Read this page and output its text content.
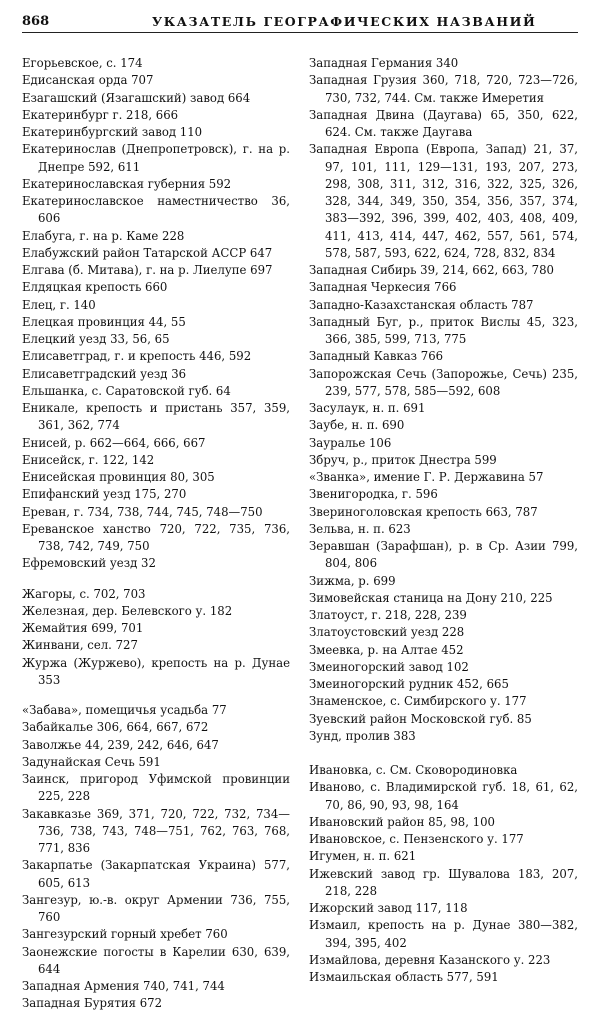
868	УКАЗАТЕЛЬ ГЕОГРАФИЧЕСКИХ НАЗВАНИЙ
Егорьевское, с. 174
Едисанская орда 707
Езагашский (Язагашский) завод 664
Екатеринбург г. 218, 666
Екатеринбургский завод 110
Екатеринослав (Днепропетровск), г. на р. Днепре 592, 611
Екатеринославская губерния 592
Екатеринославское наместничество 36, 606
Елабуга, г. на р. Каме 228
Елабужский район Татарской АССР 647
Елгава (б. Митава), г. на р. Лиелупе 697
Елдяцкая крепость 660
Елец, г. 140
Елецкая провинция 44, 55
Елецкий уезд 33, 56, 65
Елисаветград, г. и крепость 446, 592
Елисаветградский уезд 36
Ельшанка, с. Саратовской губ. 64
Еникале, крепость и пристань 357, 359, 361, 362, 774
Енисей, р. 662—664, 666, 667
Енисейск, г. 122, 142
Енисейская провинция 80, 305
Епифанский уезд 175, 270
Ереван, г. 734, 738, 744, 745, 748—750
Ереванское ханство 720, 722, 735, 736, 738, 742, 749, 750
Ефремовский уезд 32
Жагоры, с. 702, 703
Железная, дер. Белевского у. 182
Жемайтия 699, 701
Жинвани, сел. 727
Журжа (Журжево), крепость на р. Дунае 353
«Забава», помещичья усадьба 77
Забайкалье 306, 664, 667, 672
Заволжье 44, 239, 242, 646, 647
Задунайская Сечь 591
Заинск, пригород Уфимской провинции 225, 228
Закавказье 369, 371, 720, 722, 732, 734—736, 738, 743, 748—751, 762, 763, 768, 771, 836
Закарпатье (Закарпатская Украина) 577, 605, 613
Зангезур, ю.-в. округ Армении 736, 755, 760
Зангезурский горный хребет 760
Заонежские погосты в Карелии 630, 639, 644
Западная Армения 740, 741, 744
Западная Бурятия 672
Западная Германия 340
Западная Грузия 360, 718, 720, 723—726, 730, 732, 744. См. также Имеретия
Западная Двина (Даугава) 65, 350, 622, 624. См. также Даугава
Западная Европа (Европа, Запад) 21, 37, 97, 101, 111, 129—131, 193, 207, 273, 298, 308, 311, 312, 316, 322, 325, 326, 328, 344, 349, 350, 354, 356, 357, 374, 383—392, 396, 399, 402, 403, 408, 409, 411, 413, 414, 447, 462, 557, 561, 574, 578, 587, 593, 622, 624, 728, 832, 834
Западная Сибирь 39, 214, 662, 663, 780
Западная Черкесия 766
Западно-Казахстанская область 787
Западный Буг, р., приток Вислы 45, 323, 366, 385, 599, 713, 775
Западный Кавказ 766
Запорожская Сечь (Запорожье, Сечь) 235, 239, 577, 578, 585—592, 608
Засулаук, н. п. 691
Заубе, н. п. 690
Зауралье 106
Збруч, р., приток Днестра 599
«Званка», имение Г. Р. Державина 57
Звенигородка, г. 596
Звериноголовская крепость 663, 787
Зельва, н. п. 623
Зеравшан (Зарафшан), р. в Ср. Азии 799, 804, 806
Зижма, р. 699
Зимовейская станица на Дону 210, 225
Златоуст, г. 218, 228, 239
Златоустовский уезд 228
Змеевка, р. на Алтае 452
Змеиногорский завод 102
Змеиногорский рудник 452, 665
Знаменское, с. Симбирского у. 177
Зуевский район Московской губ. 85
Зунд, пролив 383
Ивановка, с. См. Сковородиновка
Иваново, с. Владимирской губ. 18, 61, 62, 70, 86, 90, 93, 98, 164
Ивановский район 85, 98, 100
Ивановское, с. Пензенского у. 177
Игумен, н. п. 621
Ижевский завод гр. Шувалова 183, 207, 218, 228
Ижорский завод 117, 118
Измаил, крепость на р. Дунае 380—382, 394, 395, 402
Измайлова, деревня Казанского у. 223
Измаильская область 577, 591
